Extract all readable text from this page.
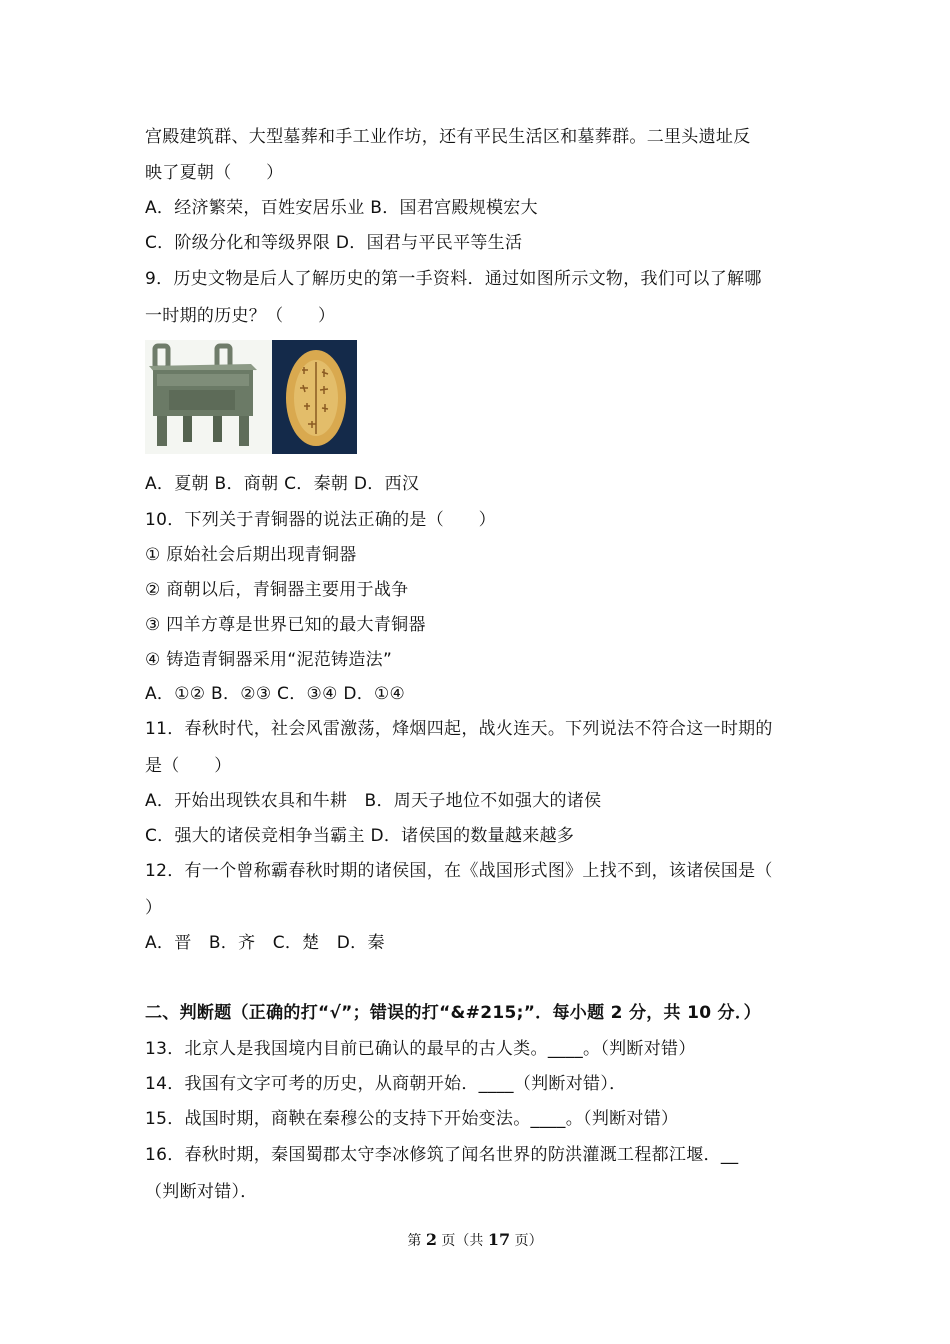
宫殿建筑群、大型墓葬和手工业作坊，还有平民生活区和墓葬群。二里头遗址反
映了夏朝（　　）
A．经济繁荣，百姓安居乐业 B．国君宫殿规模宏大
C．阶级分化和等级界限 D．国君与平民平等生活
9．历史文物是后人了解历史的第一手资料．通过如图所示文物，我们可以了解哪
一时期的历史？（　　）
A．夏朝 B．商朝 C．秦朝 D．西汉
10．下列关于青铜器的说法正确的是（　　）
① 原始社会后期出现青铜器
② 商朝以后，青铜器主要用于战争
③ 四羊方尊是世界已知的最大青铜器
④ 铸造青铜器采用“泥范铸造法”
A．①② B．②③ C．③④ D．①④
11．春秋时代，社会风雷激荡，烽烟四起，战火连天。下列说法不符合这一时期的
是（　　）
A．开始出现铁农具和牛耕　B．周天子地位不如强大的诸侯
C．强大的诸侯竞相争当霸主 D．诸侯国的数量越来越多
12．有一个曾称霸春秋时期的诸侯国，在《战国形式图》上找不到，该诸侯国是（
）
A．晋　B．齐　C．楚　D．秦
二、判断题（正确的打“√”；错误的打“&#215;”．每小题 2 分，共 10 分．）
13．北京人是我国境内目前已确认的最早的古人类。____。（判断对错）
14．我国有文字可考的历史，从商朝开始．____（判断对错）．
15．战国时期，商鞅在秦穆公的支持下开始变法。____。（判断对错）
16．春秋时期，秦国蜀郡太守李冰修筑了闻名世界的防洪灌溉工程都江堰．__
（判断对错）．
第 2 页（共 17 页）
